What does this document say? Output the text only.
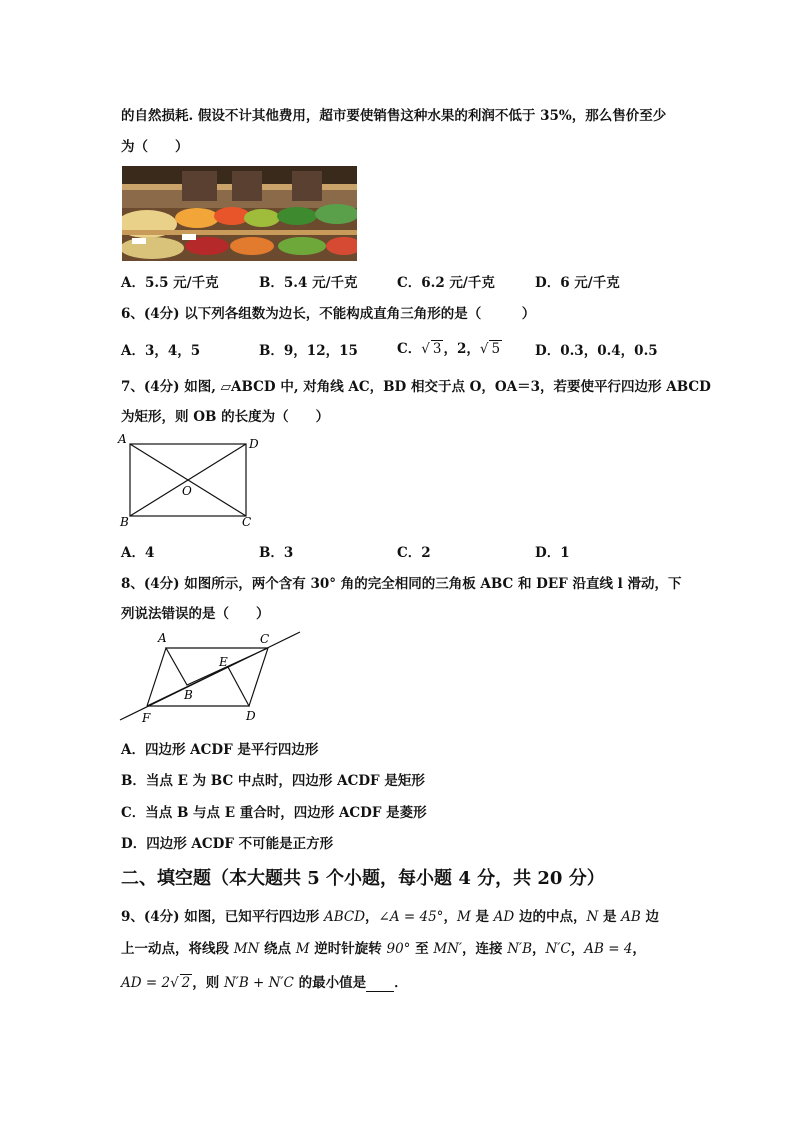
的自然损耗. 假设不计其他费用，超市要使销售这种水果的利润不低于 35%，那么售价至少
为（　　）
A．5.5 元/千克	B．5.4 元/千克	C．6.2 元/千克	D．6 元/千克
6、(4分) 以下列各组数为边长，不能构成直角三角形的是（　　　）
A．3，4，5	B．9，12，15	C．√ 3 ，2，√ 5	D．0.3，0.4，0.5
7、(4分) 如图, ▱ABCD 中, 对角线 AC，BD 相交于点 O，OA＝3，若要使平行四边形 ABCD
为矩形，则 OB 的长度为（　　）
A	D
O
B	C
A．4	B．3	C．2	D．1
8、(4分) 如图所示，两个含有 30° 角的完全相同的三角板 ABC 和 DEF 沿直线 l 滑动，下
列说法错误的是（　　）
A	C
E
B
F	D
A．四边形 ACDF 是平行四边形
B．当点 E 为 BC 中点时，四边形 ACDF 是矩形
C．当点 B 与点 E 重合时，四边形 ACDF 是菱形
D．四边形 ACDF 不可能是正方形
二、填空题（本大题共 5 个小题，每小题 4 分，共 20 分）
9、(4分) 如图，已知平行四边形 ABCD，∠A = 45°，M 是 AD 边的中点，N 是 AB 边
上一动点，将线段 MN 绕点 M 逆时针旋转 90° 至 MN′，连接 N′B，N′C，AB = 4，
AD = 2√ 2 ，则 N′B + N′C 的最小值是 ．
